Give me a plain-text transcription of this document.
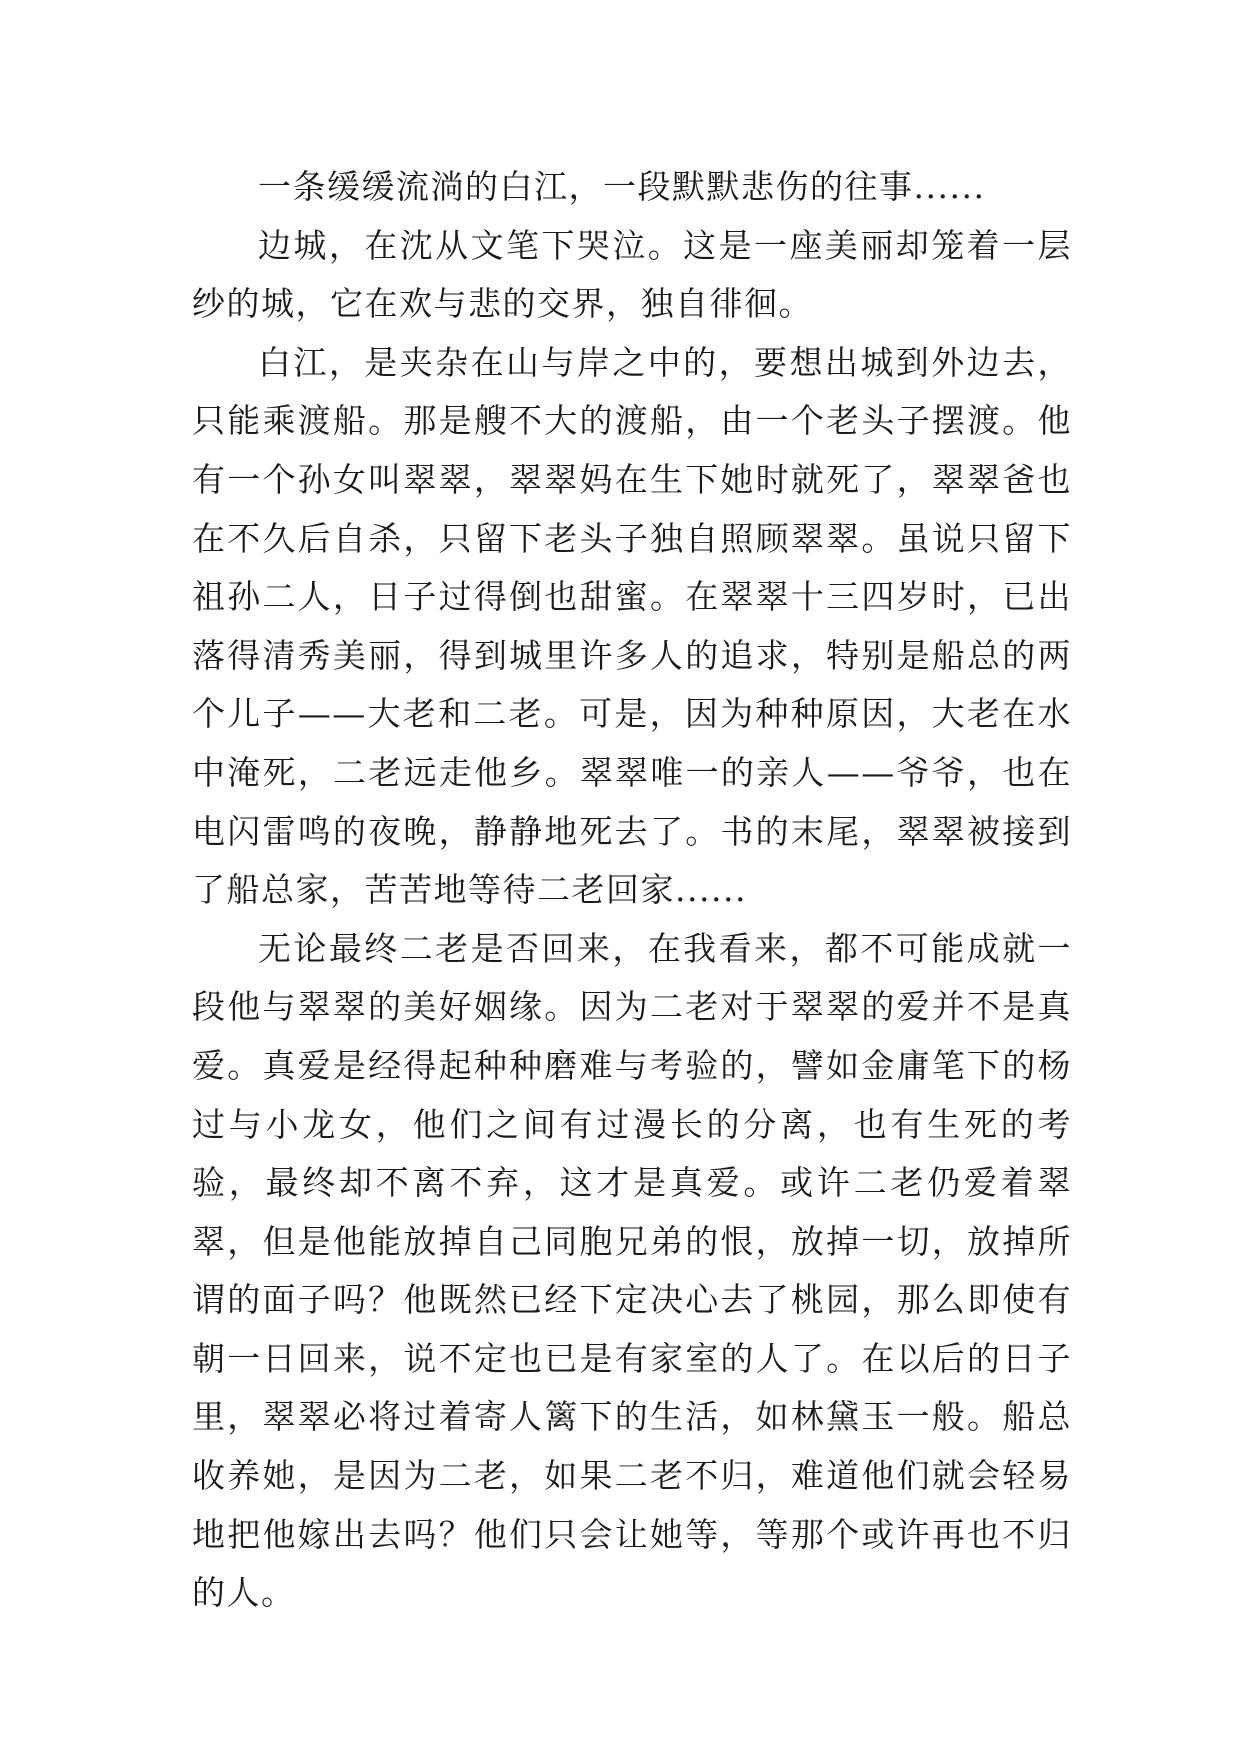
一条缓缓流淌的白江，一段默默悲伤的往事......

边城，在沈从文笔下哭泣。这是一座美丽却笼着一层纱的城，它在欢与悲的交界，独自徘徊。

白江，是夹杂在山与岸之中的，要想出城到外边去，只能乘渡船。那是艘不大的渡船，由一个老头子摆渡。他有一个孙女叫翠翠，翠翠妈在生下她时就死了，翠翠爸也在不久后自杀，只留下老头子独自照顾翠翠。虽说只留下祖孙二人，日子过得倒也甜蜜。在翠翠十三四岁时，已出落得清秀美丽，得到城里许多人的追求，特别是船总的两个儿子——大老和二老。可是，因为种种原因，大老在水中淹死，二老远走他乡。翠翠唯一的亲人——爷爷，也在电闪雷鸣的夜晚，静静地死去了。书的末尾，翠翠被接到了船总家，苦苦地等待二老回家......

无论最终二老是否回来，在我看来，都不可能成就一段他与翠翠的美好姻缘。因为二老对于翠翠的爱并不是真爱。真爱是经得起种种磨难与考验的，譬如金庸笔下的杨过与小龙女，他们之间有过漫长的分离，也有生死的考验，最终却不离不弃，这才是真爱。或许二老仍爱着翠翠，但是他能放掉自己同胞兄弟的恨，放掉一切，放掉所谓的面子吗？他既然已经下定决心去了桃园，那么即使有朝一日回来，说不定也已是有家室的人了。在以后的日子里，翠翠必将过着寄人篱下的生活，如林黛玉一般。船总收养她，是因为二老，如果二老不归，难道他们就会轻易地把他嫁出去吗？他们只会让她等，等那个或许再也不归的人。
